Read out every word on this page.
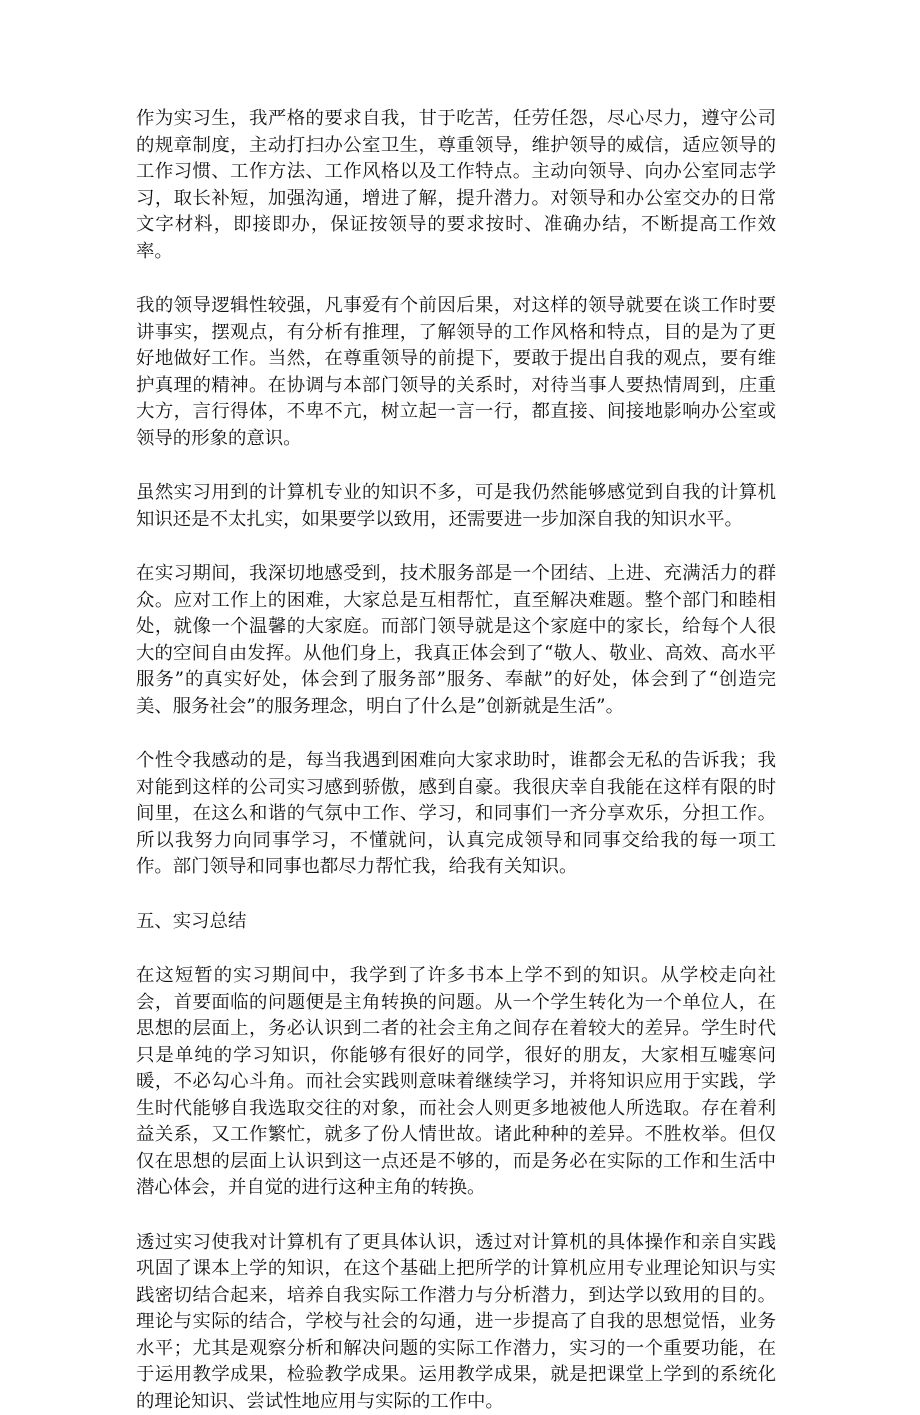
作为实习生，我严格的要求自我，甘于吃苦，任劳任怨，尽心尽力，遵守公司的规章制度，主动打扫办公室卫生，尊重领导，维护领导的威信，适应领导的工作习惯、工作方法、工作风格以及工作特点。主动向领导、向办公室同志学习，取长补短，加强沟通，增进了解，提升潜力。对领导和办公室交办的日常文字材料，即接即办，保证按领导的要求按时、准确办结，不断提高工作效率。

我的领导逻辑性较强，凡事爱有个前因后果，对这样的领导就要在谈工作时要讲事实，摆观点，有分析有推理，了解领导的工作风格和特点，目的是为了更好地做好工作。当然，在尊重领导的前提下，要敢于提出自我的观点，要有维护真理的精神。在协调与本部门领导的关系时，对待当事人要热情周到，庄重大方，言行得体，不卑不亢，树立起一言一行，都直接、间接地影响办公室或领导的形象的意识。

虽然实习用到的计算机专业的知识不多，可是我仍然能够感觉到自我的计算机知识还是不太扎实，如果要学以致用，还需要进一步加深自我的知识水平。

在实习期间，我深切地感受到，技术服务部是一个团结、上进、充满活力的群众。应对工作上的困难，大家总是互相帮忙，直至解决难题。整个部门和睦相处，就像一个温馨的大家庭。而部门领导就是这个家庭中的家长，给每个人很大的空间自由发挥。从他们身上，我真正体会到了“敬人、敬业、高效、高水平服务”的真实好处，体会到了服务部”服务、奉献”的好处，体会到了“创造完美、服务社会”的服务理念，明白了什么是”创新就是生活”。

个性令我感动的是，每当我遇到困难向大家求助时，谁都会无私的告诉我；我对能到这样的公司实习感到骄傲，感到自豪。我很庆幸自我能在这样有限的时间里，在这么和谐的气氛中工作、学习，和同事们一齐分享欢乐，分担工作。所以我努力向同事学习，不懂就问，认真完成领导和同事交给我的每一项工作。部门领导和同事也都尽力帮忙我，给我有关知识。

五、实习总结

在这短暂的实习期间中，我学到了许多书本上学不到的知识。从学校走向社会，首要面临的问题便是主角转换的问题。从一个学生转化为一个单位人，在思想的层面上，务必认识到二者的社会主角之间存在着较大的差异。学生时代只是单纯的学习知识，你能够有很好的同学，很好的朋友，大家相互嘘寒问暖，不必勾心斗角。而社会实践则意味着继续学习，并将知识应用于实践，学生时代能够自我选取交往的对象，而社会人则更多地被他人所选取。存在着利益关系，又工作繁忙，就多了份人情世故。诸此种种的差异。不胜枚举。但仅仅在思想的层面上认识到这一点还是不够的，而是务必在实际的工作和生活中潜心体会，并自觉的进行这种主角的转换。

透过实习使我对计算机有了更具体认识，透过对计算机的具体操作和亲自实践巩固了课本上学的知识，在这个基础上把所学的计算机应用专业理论知识与实践密切结合起来，培养自我实际工作潜力与分析潜力，到达学以致用的目的。理论与实际的结合，学校与社会的勾通，进一步提高了自我的思想觉悟，业务水平；尤其是观察分析和解决问题的实际工作潜力，实习的一个重要功能，在于运用教学成果，检验教学成果。运用教学成果，就是把课堂上学到的系统化的理论知识、尝试性地应用与实际的工作中。
